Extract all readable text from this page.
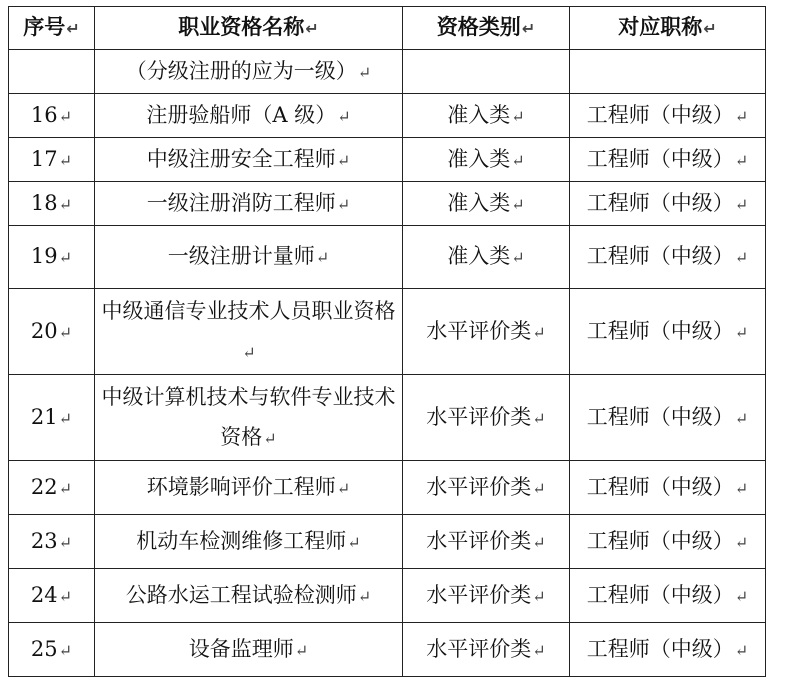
序号↵	职业资格名称↵	资格类别↵	对应职称↵
	（分级注册的应为一级）↵		
16↵	注册验船师（A 级）↵	准入类↵	工程师（中级）↵
17↵	中级注册安全工程师↵	准入类↵	工程师（中级）↵
18↵	一级注册消防工程师↵	准入类↵	工程师（中级）↵
19↵	一级注册计量师↵	准入类↵	工程师（中级）↵
20↵	中级通信专业技术人员职业资格↵	水平评价类↵	工程师（中级）↵
21↵	中级计算机技术与软件专业技术资格↵	水平评价类↵	工程师（中级）↵
22↵	环境影响评价工程师↵	水平评价类↵	工程师（中级）↵
23↵	机动车检测维修工程师↵	水平评价类↵	工程师（中级）↵
24↵	公路水运工程试验检测师↵	水平评价类↵	工程师（中级）↵
25↵	设备监理师↵	水平评价类↵	工程师（中级）↵
